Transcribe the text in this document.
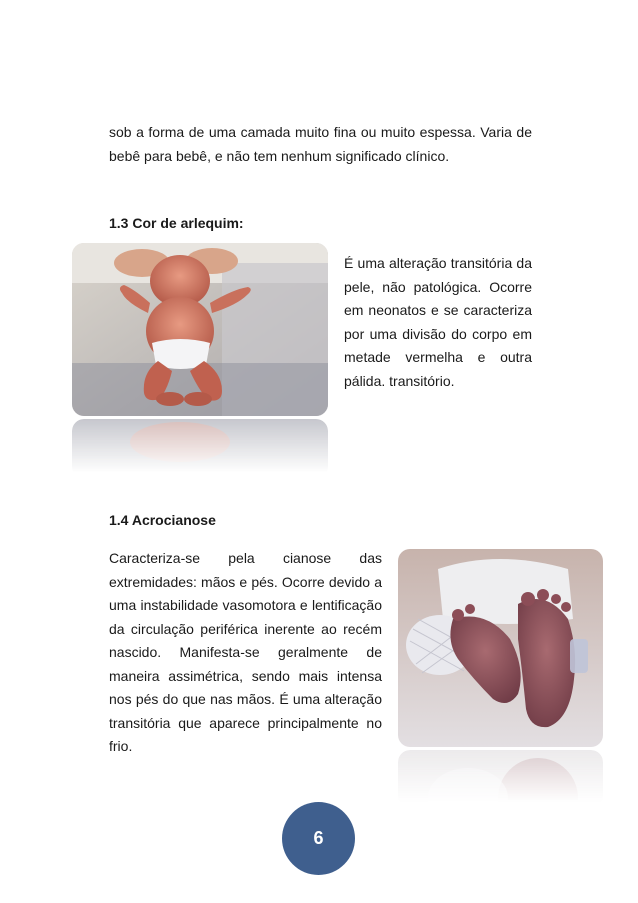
sob a forma de uma camada muito fina ou muito espessa. Varia de bebê para bebê, e não tem nenhum significado clínico.

1.3 Cor de arlequim:

É uma alteração transitória da pele, não patológica. Ocorre em neonatos e se caracteriza por uma divisão do corpo em metade vermelha e outra pálida. transitório.

1.4 Acrocianose

Caracteriza-se pela cianose das extremidades: mãos e pés. Ocorre devido a uma instabilidade vasomotora e lentificação da circulação periférica inerente ao recém nascido. Manifesta-se geralmente de maneira assimétrica, sendo mais intensa nos pés do que nas mãos. É uma alteração transitória que aparece principalmente no frio.

6
